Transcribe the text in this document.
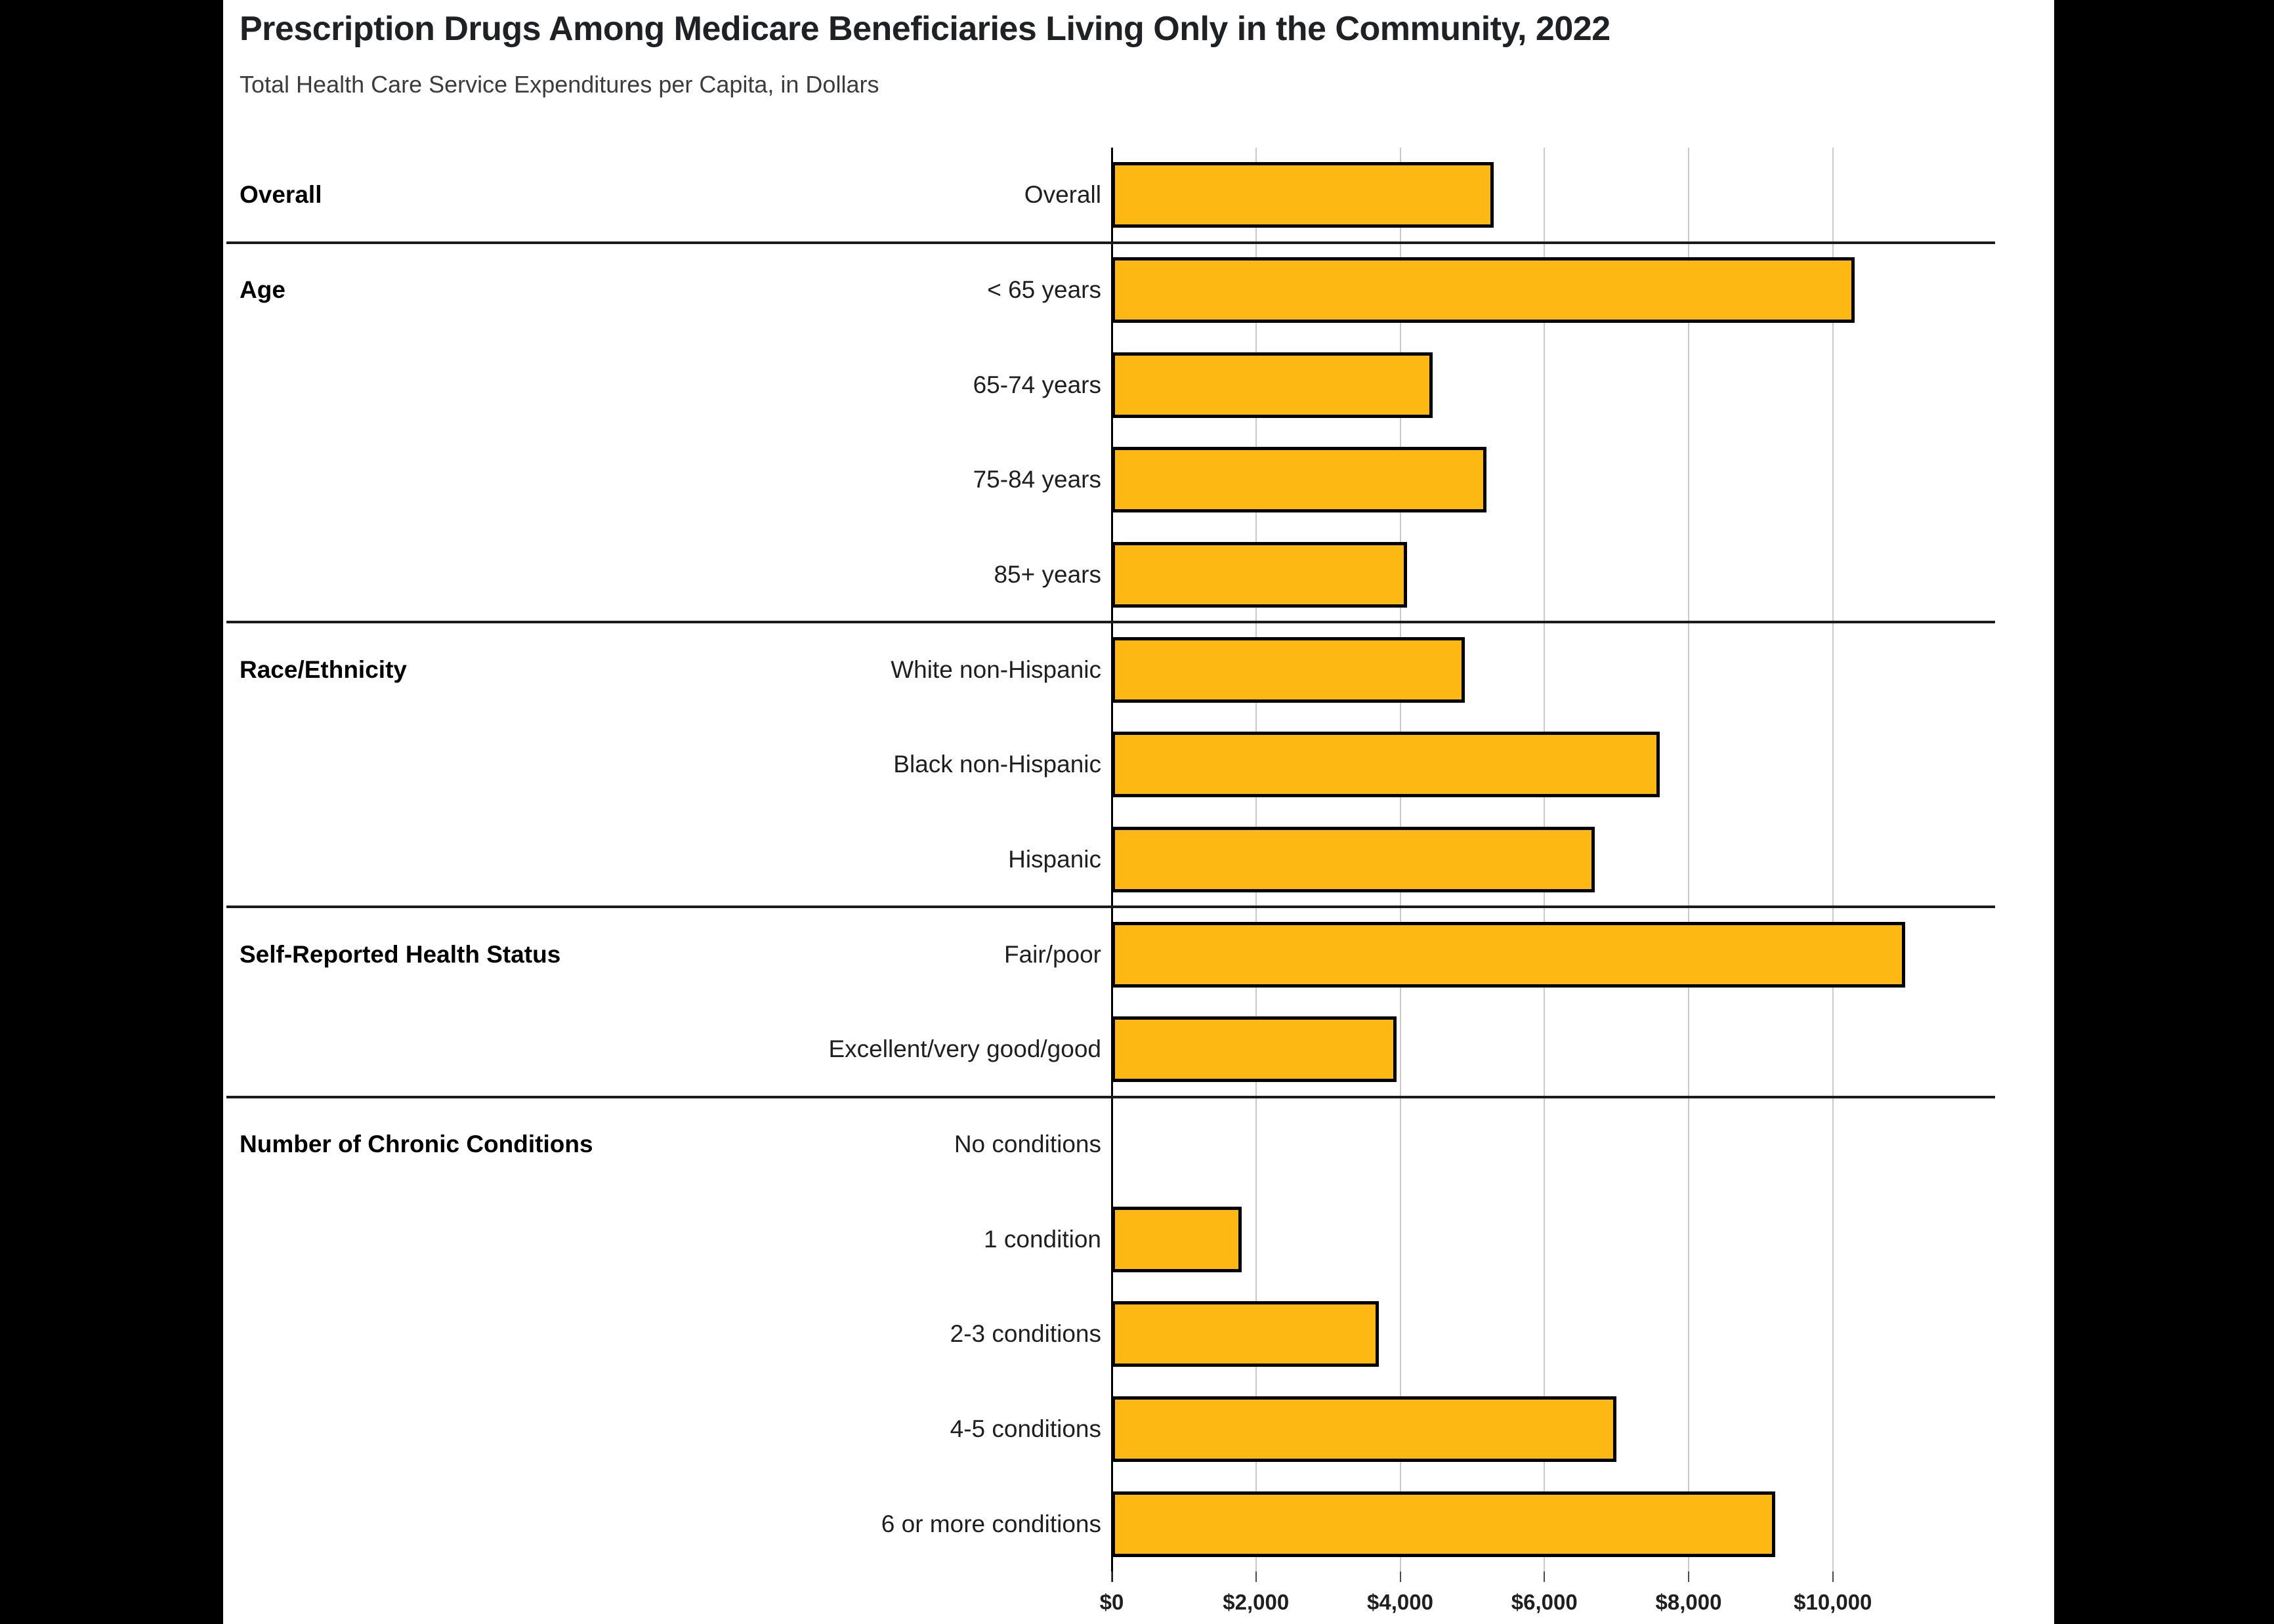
Prescription Drugs Among Medicare Beneficiaries Living Only in the Community, 2022
Total Health Care Service Expenditures per Capita, in Dollars
Overall	Overall
Age	< 65 years
65-74 years
75-84 years
85+ years
Race/Ethnicity	White non-Hispanic
Black non-Hispanic
Hispanic
Self-Reported Health Status	Fair/poor
Excellent/very good/good
Number of Chronic Conditions	No conditions
1 condition
2-3 conditions
4-5 conditions
6 or more conditions
$0	$2,000	$4,000	$6,000	$8,000	$10,000
